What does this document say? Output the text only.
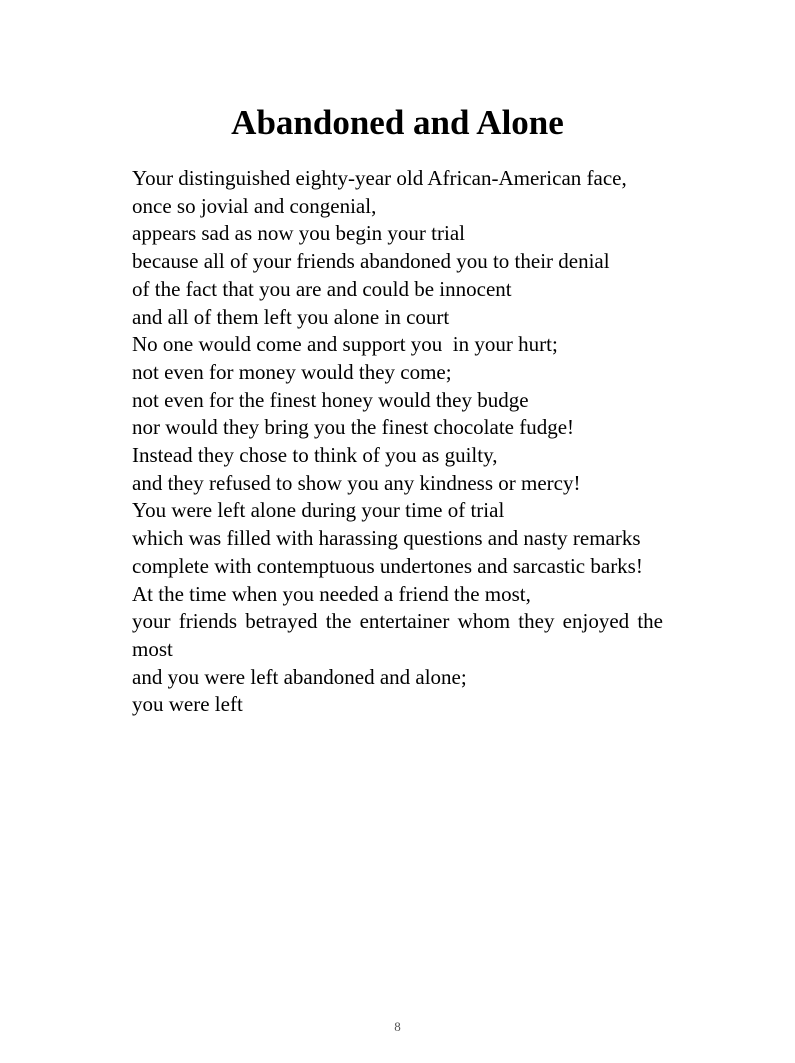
Abandoned and Alone
Your distinguished eighty-year old African-American face,
once so jovial and congenial,
appears sad as now you begin your trial
because all of your friends abandoned you to their denial
of the fact that you are and could be innocent
and all of them left you alone in court
No one would come and support you  in your hurt;
not even for money would they come;
not even for the finest honey would they budge
nor would they bring you the finest chocolate fudge!
Instead they chose to think of you as guilty,
and they refused to show you any kindness or mercy!
You were left alone during your time of trial
which was filled with harassing questions and nasty remarks
complete with contemptuous undertones and sarcastic barks!
At the time when you needed a friend the most,
your friends betrayed the entertainer whom they enjoyed the most
and you were left abandoned and alone;
you were left
8
